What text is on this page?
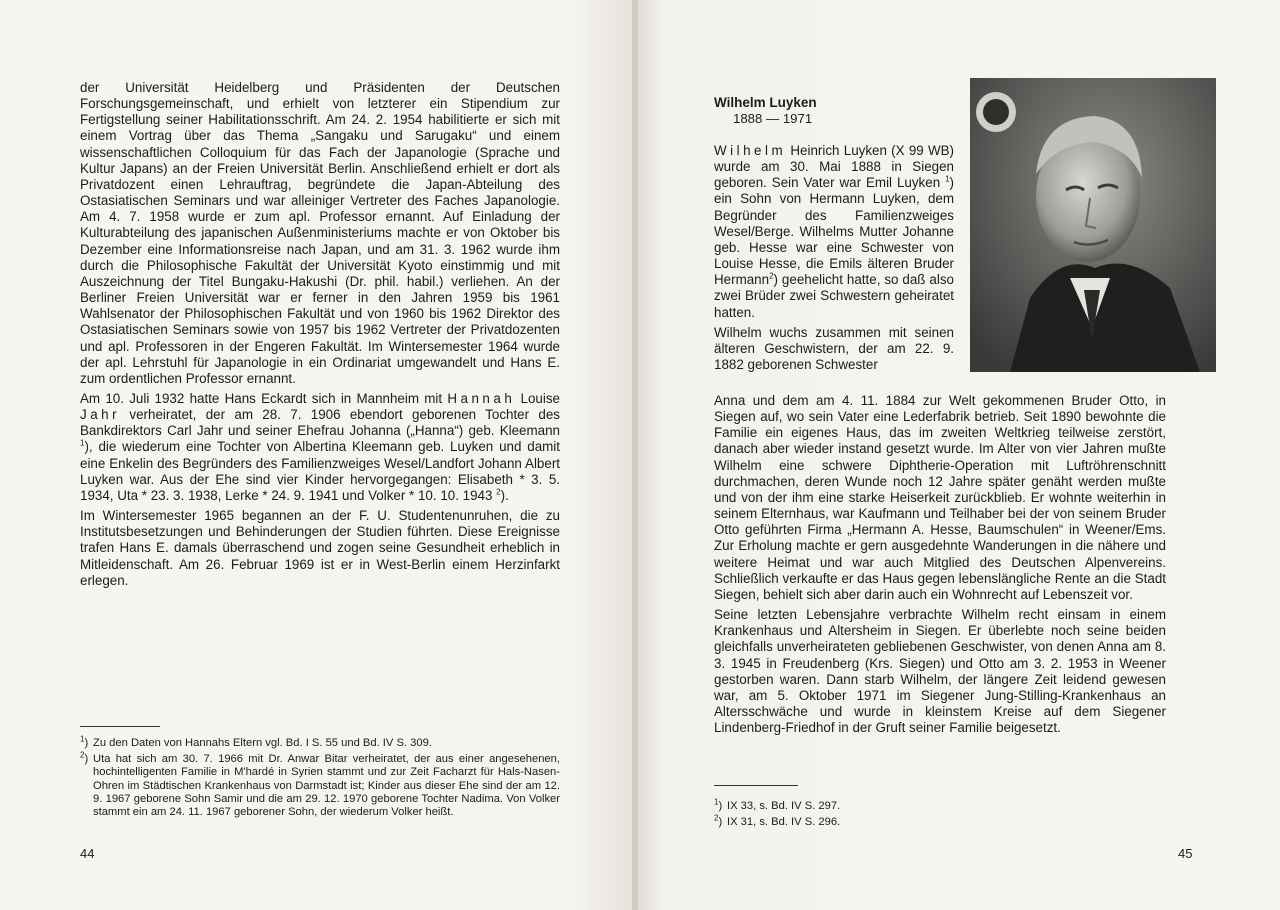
der Universität Heidelberg und Präsidenten der Deutschen Forschungsgemeinschaft, und erhielt von letzterer ein Stipendium zur Fertigstellung seiner Habilitationsschrift. Am 24. 2. 1954 habilitierte er sich mit einem Vortrag über das Thema „Sangaku und Sarugaku“ und einem wissenschaftlichen Colloquium für das Fach der Japanologie (Sprache und Kultur Japans) an der Freien Universität Berlin. Anschließend erhielt er dort als Privatdozent einen Lehrauftrag, begründete die Japan-Abteilung des Ostasiatischen Seminars und war alleiniger Vertreter des Faches Japanologie. Am 4. 7. 1958 wurde er zum apl. Professor ernannt. Auf Einladung der Kulturabteilung des japanischen Außenministeriums machte er von Oktober bis Dezember eine Informationsreise nach Japan, und am 31. 3. 1962 wurde ihm durch die Philosophische Fakultät der Universität Kyoto einstimmig und mit Auszeichnung der Titel Bungaku-Hakushi (Dr. phil. habil.) verliehen. An der Berliner Freien Universität war er ferner in den Jahren 1959 bis 1961 Wahlsenator der Philosophischen Fakultät und von 1960 bis 1962 Direktor des Ostasiatischen Seminars sowie von 1957 bis 1962 Vertreter der Privatdozenten und apl. Professoren in der Engeren Fakultät. Im Wintersemester 1964 wurde der apl. Lehrstuhl für Japanologie in ein Ordinariat umgewandelt und Hans E. zum ordentlichen Professor ernannt.

Am 10. Juli 1932 hatte Hans Eckardt sich in Mannheim mit Hannah Louise Jahr verheiratet, der am 28. 7. 1906 ebendort geborenen Tochter des Bankdirektors Carl Jahr und seiner Ehefrau Johanna („Hanna“) geb. Kleemann $^1$), die wiederum eine Tochter von Albertina Kleemann geb. Luyken und damit eine Enkelin des Begründers des Familienzweiges Wesel/Landfort Johann Albert Luyken war. Aus der Ehe sind vier Kinder hervorgegangen: Elisabeth * 3. 5. 1934, Uta * 23. 3. 1938, Lerke * 24. 9. 1941 und Volker * 10. 10. 1943 $^2$).

Im Wintersemester 1965 begannen an der F. U. Studentenunruhen, die zu Institutsbesetzungen und Behinderungen der Studien führten. Diese Ereignisse trafen Hans E. damals überraschend und zogen seine Gesundheit erheblich in Mitleidenschaft. Am 26. Februar 1969 ist er in West-Berlin einem Herzinfarkt erlegen.

$^1$) Zu den Daten von Hannahs Eltern vgl. Bd. I S. 55 und Bd. IV S. 309.
$^2$) Uta hat sich am 30. 7. 1966 mit Dr. Anwar Bitar verheiratet, der aus einer angesehenen, hochintelligenten Familie in M'hardé in Syrien stammt und zur Zeit Facharzt für Hals-Nasen-Ohren im Städtischen Krankenhaus von Darmstadt ist; Kinder aus dieser Ehe sind der am 12. 9. 1967 geborene Sohn Samir und die am 29. 12. 1970 geborene Tochter Nadima. Von Volker stammt ein am 24. 11. 1967 geborener Sohn, der wiederum Volker heißt.
44
Wilhelm Luyken
1888 — 1971

Wilhelm Heinrich Luyken (X 99 WB) wurde am 30. Mai 1888 in Siegen geboren. Sein Vater war Emil Luyken $^1$) ein Sohn von Hermann Luyken, dem Begründer des Familienzweiges Wesel/Berge. Wilhelms Mutter Johanne geb. Hesse war eine Schwester von Louise Hesse, die Emils älteren Bruder Hermann$^2$) geehelicht hatte, so daß also zwei Brüder zwei Schwestern geheiratet hatten.

Wilhelm wuchs zusammen mit seinen älteren Geschwistern, der am 22. 9. 1882 geborenen Schwester

Anna und dem am 4. 11. 1884 zur Welt gekommenen Bruder Otto, in Siegen auf, wo sein Vater eine Lederfabrik betrieb. Seit 1890 bewohnte die Familie ein eigenes Haus, das im zweiten Weltkrieg teilweise zerstört, danach aber wieder instand gesetzt wurde. Im Alter von vier Jahren mußte Wilhelm eine schwere Diphtherie-Operation mit Luftröhrenschnitt durchmachen, deren Wunde noch 12 Jahre später genäht werden mußte und von der ihm eine starke Heiserkeit zurückblieb. Er wohnte weiterhin in seinem Elternhaus, war Kaufmann und Teilhaber bei der von seinem Bruder Otto geführten Firma „Hermann A. Hesse, Baumschulen“ in Weener/Ems. Zur Erholung machte er gern ausgedehnte Wanderungen in die nähere und weitere Heimat und war auch Mitglied des Deutschen Alpenvereins. Schließlich verkaufte er das Haus gegen lebenslängliche Rente an die Stadt Siegen, behielt sich aber darin auch ein Wohnrecht auf Lebenszeit vor.

Seine letzten Lebensjahre verbrachte Wilhelm recht einsam in einem Krankenhaus und Altersheim in Siegen. Er überlebte noch seine beiden gleichfalls unverheirateten gebliebenen Geschwister, von denen Anna am 8. 3. 1945 in Freudenberg (Krs. Siegen) und Otto am 3. 2. 1953 in Weener gestorben waren. Dann starb Wilhelm, der längere Zeit leidend gewesen war, am 5. Oktober 1971 im Siegener Jung-Stilling-Krankenhaus an Altersschwäche und wurde in kleinstem Kreise auf dem Siegener Lindenberg-Friedhof in der Gruft seiner Familie beigesetzt.

$^1$) IX 33, s. Bd. IV S. 297.
$^2$) IX 31, s. Bd. IV S. 296.
45
